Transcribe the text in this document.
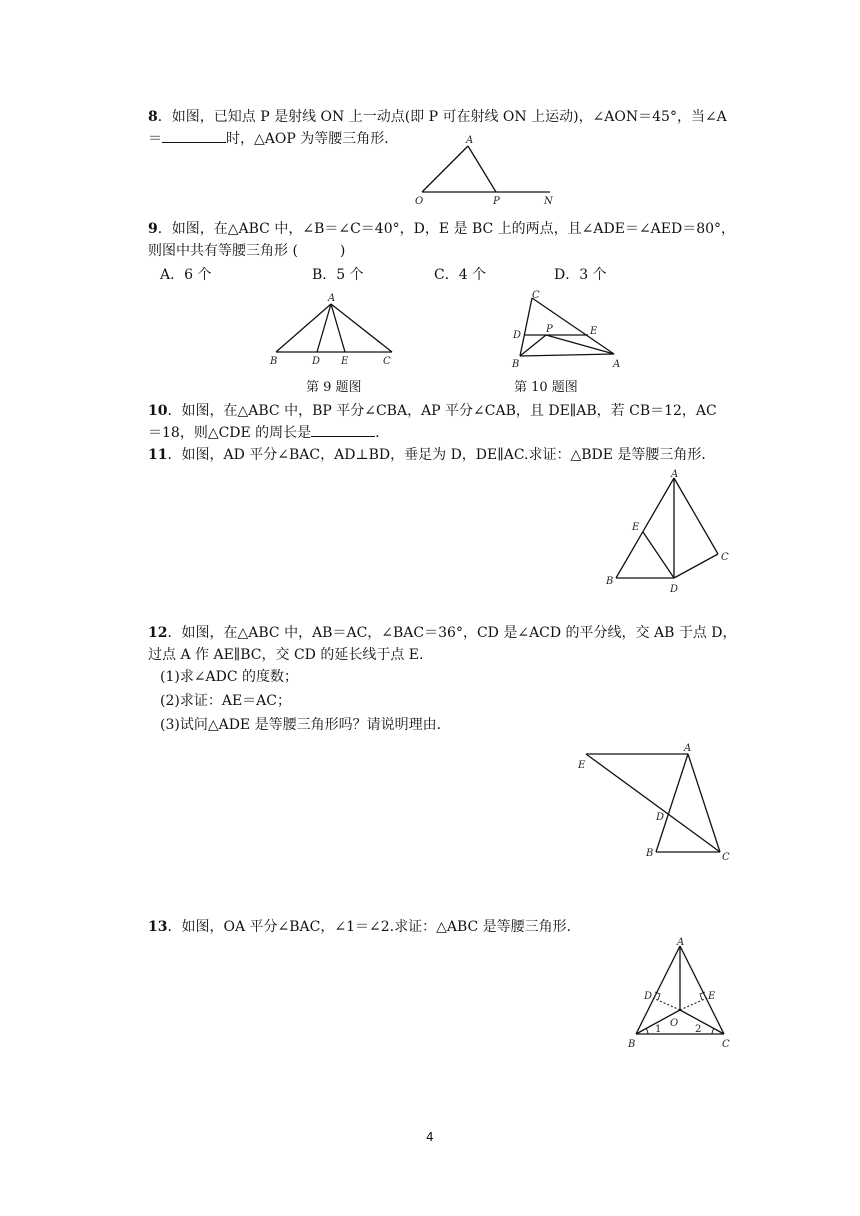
8．如图，已知点 P 是射线 ON 上一动点(即 P 可在射线 ON 上运动)，∠AON＝45°，当∠A
＝	时，△AOP 为等腰三角形．	A
O	P	N
9．如图，在△ABC 中，∠B＝∠C＝40°，D，E 是 BC 上的两点，且∠ADE＝∠AED＝80°，
则图中共有等腰三角形 (　　　)
A．6 个	B．5 个	C．4 个	D．3 个
A
B	D E	C
C
D
P	E
B	A
第 9 题图	第 10 题图
10．如图，在△ABC 中，BP 平分∠CBA，AP 平分∠CAB，且 DE∥AB，若 CB＝12，AC
＝18，则△CDE 的周长是	．
11．如图，AD 平分∠BAC，AD⊥BD，垂足为 D，DE∥AC.求证：△BDE 是等腰三角形．
A
E
C
B
D
12．如图，在△ABC 中，AB＝AC，∠BAC＝36°，CD 是∠ACD 的平分线，交 AB 于点 D，
过点 A 作 AE∥BC，交 CD 的延长线于点 E.
(1)求∠ADC 的度数；
(2)求证：AE＝AC；
(3)试问△ADE 是等腰三角形吗？请说明理由．
A
E
D
B	C
13．如图，OA 平分∠BAC，∠1＝∠2.求证：△ABC 是等腰三角形．
A
D	E
O
1	2
B	C
4
